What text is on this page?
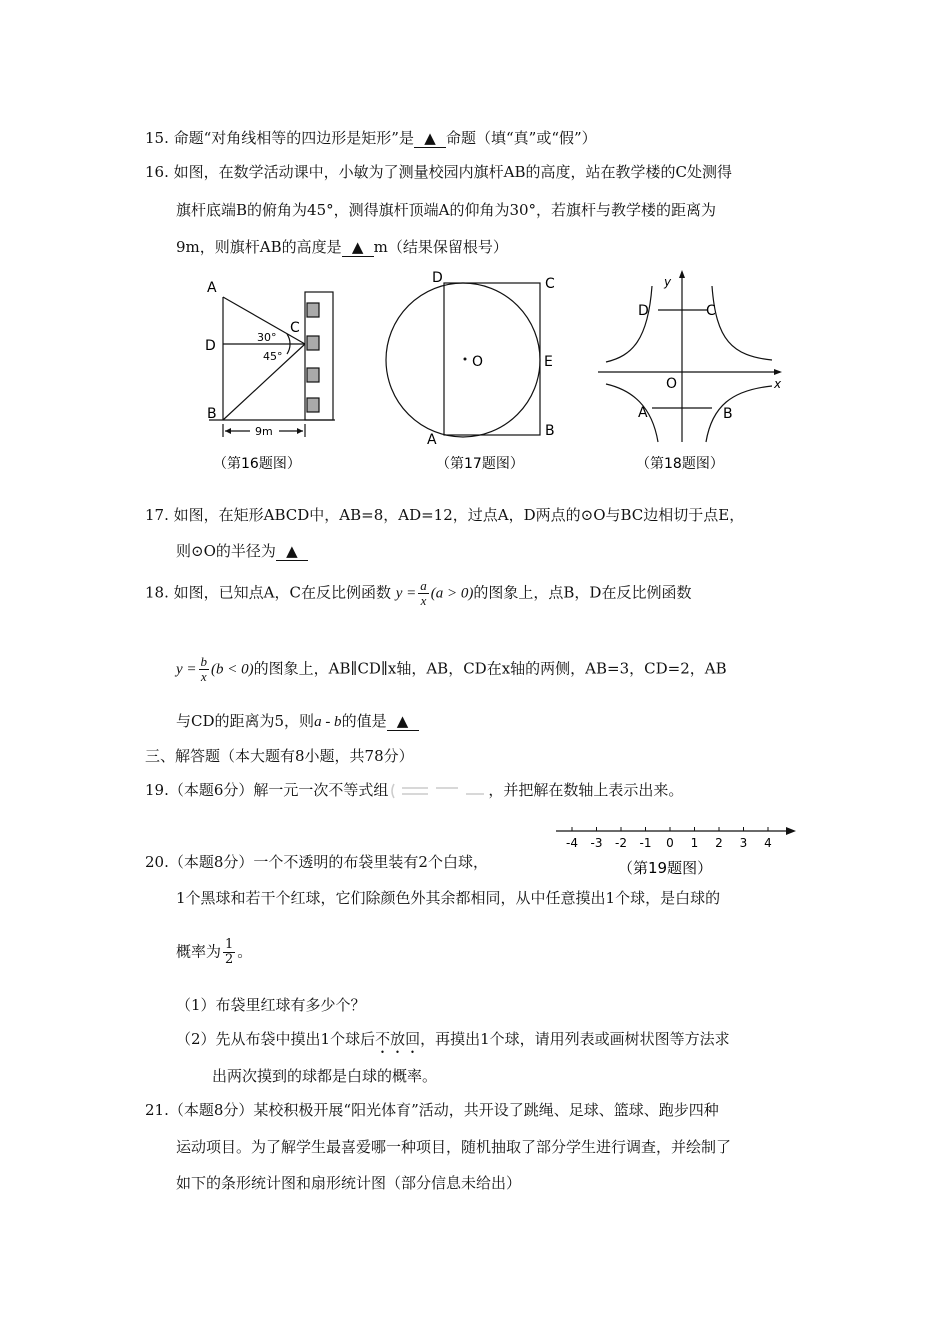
15. 命题“对角线相等的四边形是矩形”是 ▲ 命题（填“真”或“假”）
16. 如图，在数学活动课中，小敏为了测量校园内旗杆AB的高度，站在教学楼的C处测得
旗杆底端B的俯角为45°，测得旗杆顶端A的仰角为30°，若旗杆与教学楼的距离为
9m，则旗杆AB的高度是 ▲ m（结果保留根号）
A
D
B
C
30°
45°
9m
（第16题图）
D	C
O	E
A
B
（第17题图）
y
x
D	C
O
A	B
（第18题图）
17. 如图，在矩形ABCD中，AB=8，AD=12，过点A，D两点的⊙O与BC边相切于点E，
则⊙O的半径为 ▲
18. 如图，已知点A，C在反比例函数 $y = \frac{a}{x} (a > 0)$的图象上，点B，D在反比例函数
$y = \frac{b}{x} (b < 0)$的图象上，AB∥CD∥x轴，AB，CD在x轴的两侧，AB=3，CD=2，AB
与CD的距离为5，则a - b的值是 ▲
三、解答题（本大题有8小题，共78分）
19.（本题6分）解一元一次不等式组	，并把解在数轴上表示出来。
-4 -3 -2 -1 0 1 2 3 4
（第19题图）
20.（本题8分）一个不透明的布袋里装有2个白球，
1个黑球和若干个红球，它们除颜色外其余都相同，从中任意摸出1个球，是白球的
概率为 $\frac{1}{2}$ 。
（1）布袋里红球有多少个？
（2）先从布袋中摸出1个球后不放回，再摸出1个球，请用列表或画树状图等方法求
出两次摸到的球都是白球的概率。
21.（本题8分）某校积极开展“阳光体育”活动，共开设了跳绳、足球、篮球、跑步四种
运动项目。为了解学生最喜爱哪一种项目，随机抽取了部分学生进行调查，并绘制了
如下的条形统计图和扇形统计图（部分信息未给出）
